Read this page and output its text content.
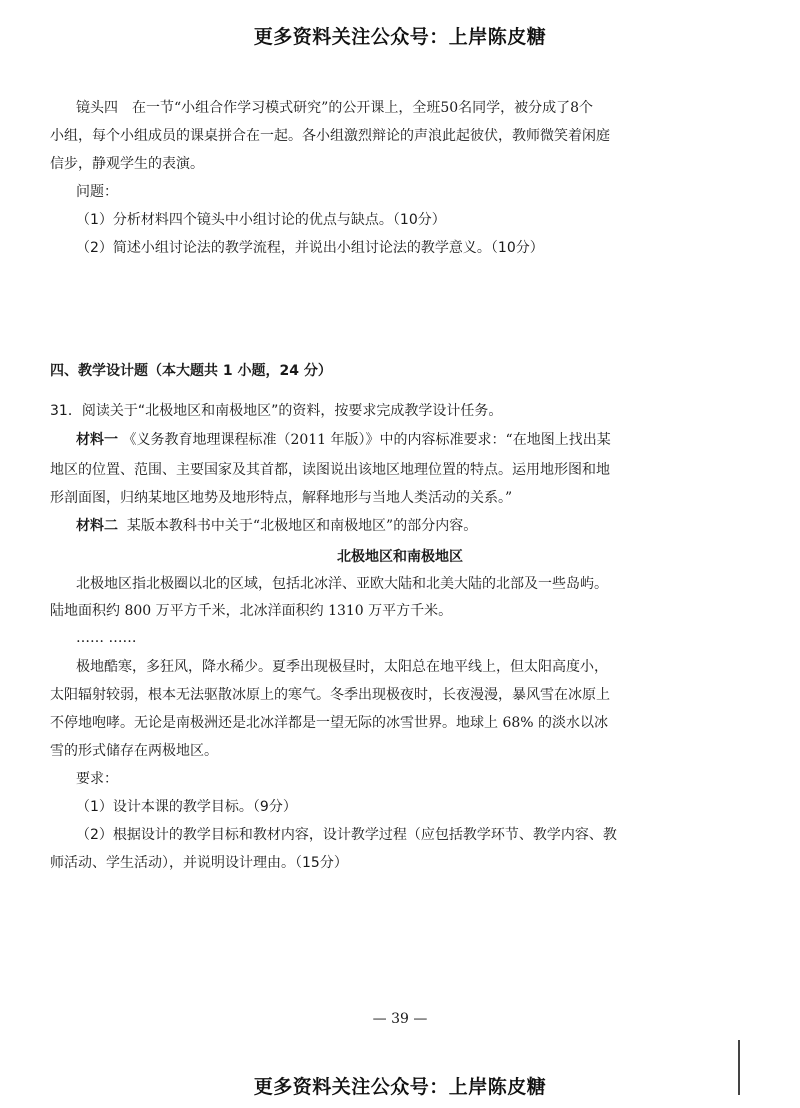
更多资料关注公众号：上岸陈皮糖
镜头四　在一节“小组合作学习模式研究”的公开课上，全班50名同学，被分成了8个
小组，每个小组成员的课桌拼合在一起。各小组激烈辩论的声浪此起彼伏，教师微笑着闲庭
信步，静观学生的表演。
问题：
（1）分析材料四个镜头中小组讨论的优点与缺点。（10分）
（2）简述小组讨论法的教学流程，并说出小组讨论法的教学意义。（10分）
四、教学设计题（本大题共 1 小题，24 分）
31．阅读关于“北极地区和南极地区”的资料，按要求完成教学设计任务。
材料一 《义务教育地理课程标准（2011 年版）》中的内容标准要求：“在地图上找出某
地区的位置、范围、主要国家及其首都，读图说出该地区地理位置的特点。运用地形图和地
形剖面图，归纳某地区地势及地形特点，解释地形与当地人类活动的关系。”
材料二 某版本教科书中关于“北极地区和南极地区”的部分内容。
北极地区和南极地区
北极地区指北极圈以北的区域，包括北冰洋、亚欧大陆和北美大陆的北部及一些岛屿。
陆地面积约 800 万平方千米，北冰洋面积约 1310 万平方千米。
…… ……
极地酷寒，多狂风，降水稀少。夏季出现极昼时，太阳总在地平线上，但太阳高度小，
太阳辐射较弱，根本无法驱散冰原上的寒气。冬季出现极夜时，长夜漫漫，暴风雪在冰原上
不停地咆哮。无论是南极洲还是北冰洋都是一望无际的冰雪世界。地球上 68% 的淡水以冰
雪的形式储存在两极地区。
要求：
（1）设计本课的教学目标。（9分）
（2）根据设计的教学目标和教材内容，设计教学过程（应包括教学环节、教学内容、教
师活动、学生活动），并说明设计理由。（15分）
— 39 —
更多资料关注公众号：上岸陈皮糖
